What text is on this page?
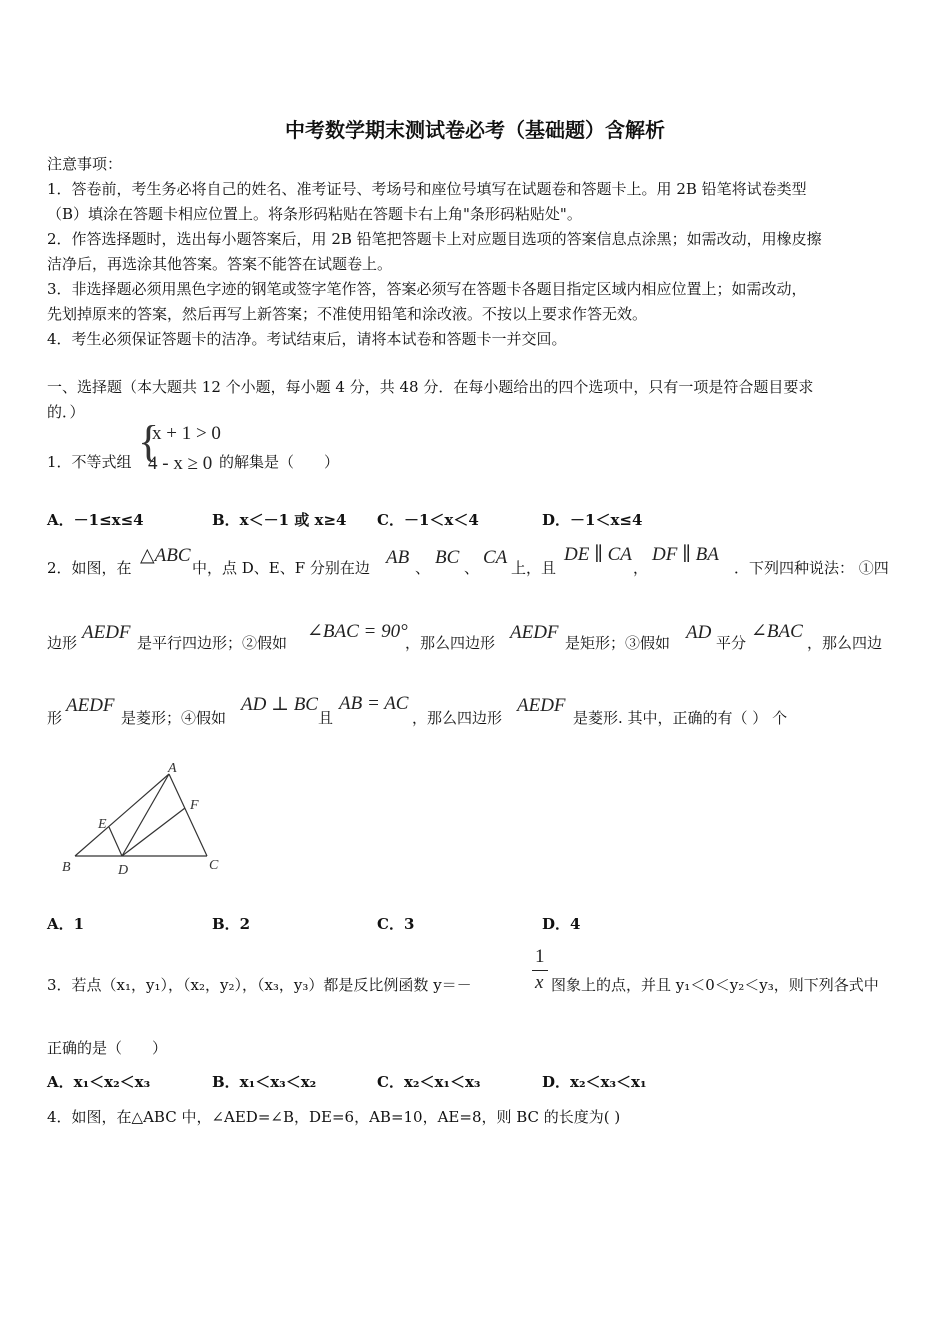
中考数学期末测试卷必考（基础题）含解析
注意事项：
1．答卷前，考生务必将自己的姓名、准考证号、考场号和座位号填写在试题卷和答题卡上。用 2B 铅笔将试卷类型
（B）填涂在答题卡相应位置上。将条形码粘贴在答题卡右上角"条形码粘贴处"。
2．作答选择题时，选出每小题答案后，用 2B 铅笔把答题卡上对应题目选项的答案信息点涂黑；如需改动，用橡皮擦
洁净后，再选涂其他答案。答案不能答在试题卷上。
3．非选择题必须用黑色字迹的钢笔或签字笔作答，答案必须写在答题卡各题目指定区域内相应位置上；如需改动，
先划掉原来的答案，然后再写上新答案；不准使用铅笔和涂改液。不按以上要求作答无效。
4．考生必须保证答题卡的洁净。考试结束后，请将本试卷和答题卡一并交回。
一、选择题（本大题共 12 个小题，每小题 4 分，共 48 分．在每小题给出的四个选项中，只有一项是符合题目要求
的．）
1．不等式组 {
x + 1 > 0
4 - x ≥ 0 的解集是（　　）
A．－1≤x≤4	B．x＜－1 或 x≥4 C．－1＜x＜4	D．－1＜x≤4
2．如图，在
△ABC
中，点 D、E、F 分别在边 AB 、 BC 、 CA 上，且
DE ∥ CA
，
DF ∥ BA
．下列四种说法： ①四
边形 AEDF 是平行四边形；②假如
∠BAC = 90°
，那么四边形 AEDF 是矩形；③假如 AD 平分
∠BAC
，那么四边
形
AEDF
是菱形；④假如
AD ⊥ BC
且
AB = AC
，那么四边形
AEDF
是菱形. 其中，正确的有（ ） 个
A
B	C
D
E
F
A．1	B．2	C．3	D．4
3．若点（x₁，y₁），（x₂，y₂），（x₃，y₃）都是反比例函数 y＝－
1
x 图象上的点，并且 y₁＜0＜y₂＜y₃，则下列各式中
正确的是（　　）
A．x₁＜x₂＜x₃	B．x₁＜x₃＜x₂	C．x₂＜x₁＜x₃	D．x₂＜x₃＜x₁
4．如图，在△ABC 中，∠AED=∠B，DE=6，AB=10，AE=8，则 BC 的长度为( )
